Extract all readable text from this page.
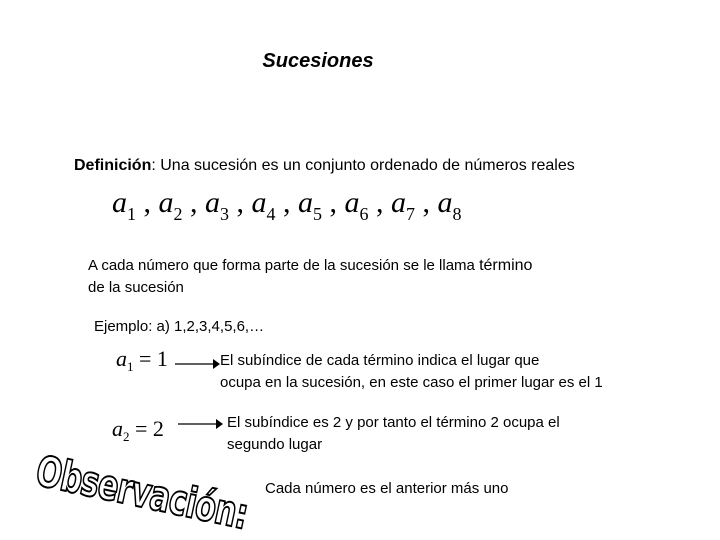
Sucesiones
Definición: Una sucesión es un conjunto ordenado de números reales
$a_1$ , $a_2$ , $a_3$ , $a_4$ , $a_5$ , $a_6$ , $a_7$ , $a_8$
A cada número que forma parte de la sucesión se le llama término
de la sucesión
Ejemplo: a) 1,2,3,4,5,6,…
$a_1 = 1$	El subíndice de cada término indica el lugar que
ocupa en la sucesión, en este caso el primer lugar es el 1
$a_2 = 2$	El subíndice es 2 y por tanto el término 2 ocupa el
segundo lugar
Observación: Cada número es el anterior más uno
